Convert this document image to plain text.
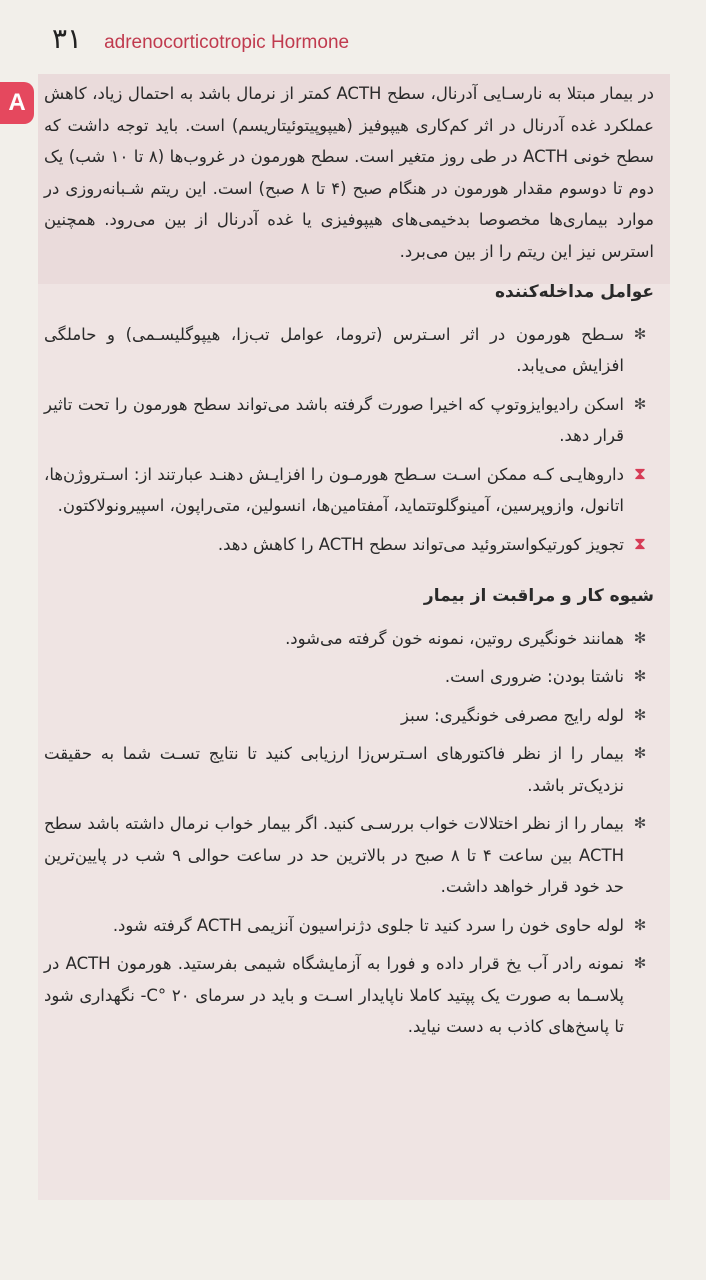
۳۱ adrenocorticotropic Hormone
A	در بیمار مبتلا به نارسـایی آدرنال، سطح ACTH کمتر از نرمال باشد به احتمال زیاد، کاهش عملکرد غده آدرنال در اثر کم‌کاری هیپوفیز (هیپوپیتوئیتاریسم) است. باید توجه داشت که سطح خونی ACTH در طی روز متغیر است. سطح هورمون در غروب‌ها (۸ تا ۱۰ شب) یک دوم تا دوسوم مقدار هورمون در هنگام صبح (۴ تا ۸ صبح) است. این ریتم شـبانه‌روزی در موارد بیماری‌ها مخصوصا بدخیمی‌های هیپوفیزی یا غده آدرنال از بین می‌رود. همچنین استرس نیز این ریتم را از بین می‌برد.

عوامل مداخله‌کننده

✻
سـطح هورمون در اثر اسـترس (تروما، عوامل تب‌زا، هیپوگلیسـمی) و حاملگی افزایش می‌یابد.
✻
اسکن رادیوایزوتوپ که اخیرا صورت گرفته باشد می‌تواند سطح هورمون را تحت تاثیر قرار دهد.
⧗
داروهایـی کـه ممکن اسـت سـطح هورمـون را افزایـش دهنـد عبارتند از: اسـتروژن‌ها، اتانول، وازوپرسین، آمینوگلوتتماید، آمفتامین‌ها، انسولین، متی‌راپون، اسپیرونولاکتون.
⧗
تجویز کورتیکواستروئید می‌تواند سطح ACTH را کاهش دهد.

شیوه کار و مراقبت از بیمار

✻
همانند خونگیری روتین، نمونه خون گرفته می‌شود.
✻
ناشتا بودن: ضروری است.
✻
لوله رایج مصرفی خونگیری: سبز
✻
بیمار را از نظر فاکتورهای اسـترس‌زا ارزیابی کنید تا نتایج تسـت شما به حقیقت نزدیک‌تر باشد.
✻
بیمار را از نظر اختلالات خواب بررسـی کنید. اگر بیمار خواب نرمال داشته باشد سطح ACTH بین ساعت ۴ تا ۸ صبح در بالاترین حد در ساعت حوالی ۹ شب در پایین‌ترین حد خود قرار خواهد داشت.
✻
لوله حاوی خون را سرد کنید تا جلوی دژنراسیون آنزیمی ACTH گرفته شود.
✻
نمونه رادر آب یخ قرار داده و فورا به آزمایشگاه شیمی بفرستید. هورمون ACTH در پلاسـما به صورت یک پپتید کاملا ناپایدار اسـت و باید در سرمای C° ۲۰- نگهداری شود تا پاسخ‌های کاذب به دست نیاید.
